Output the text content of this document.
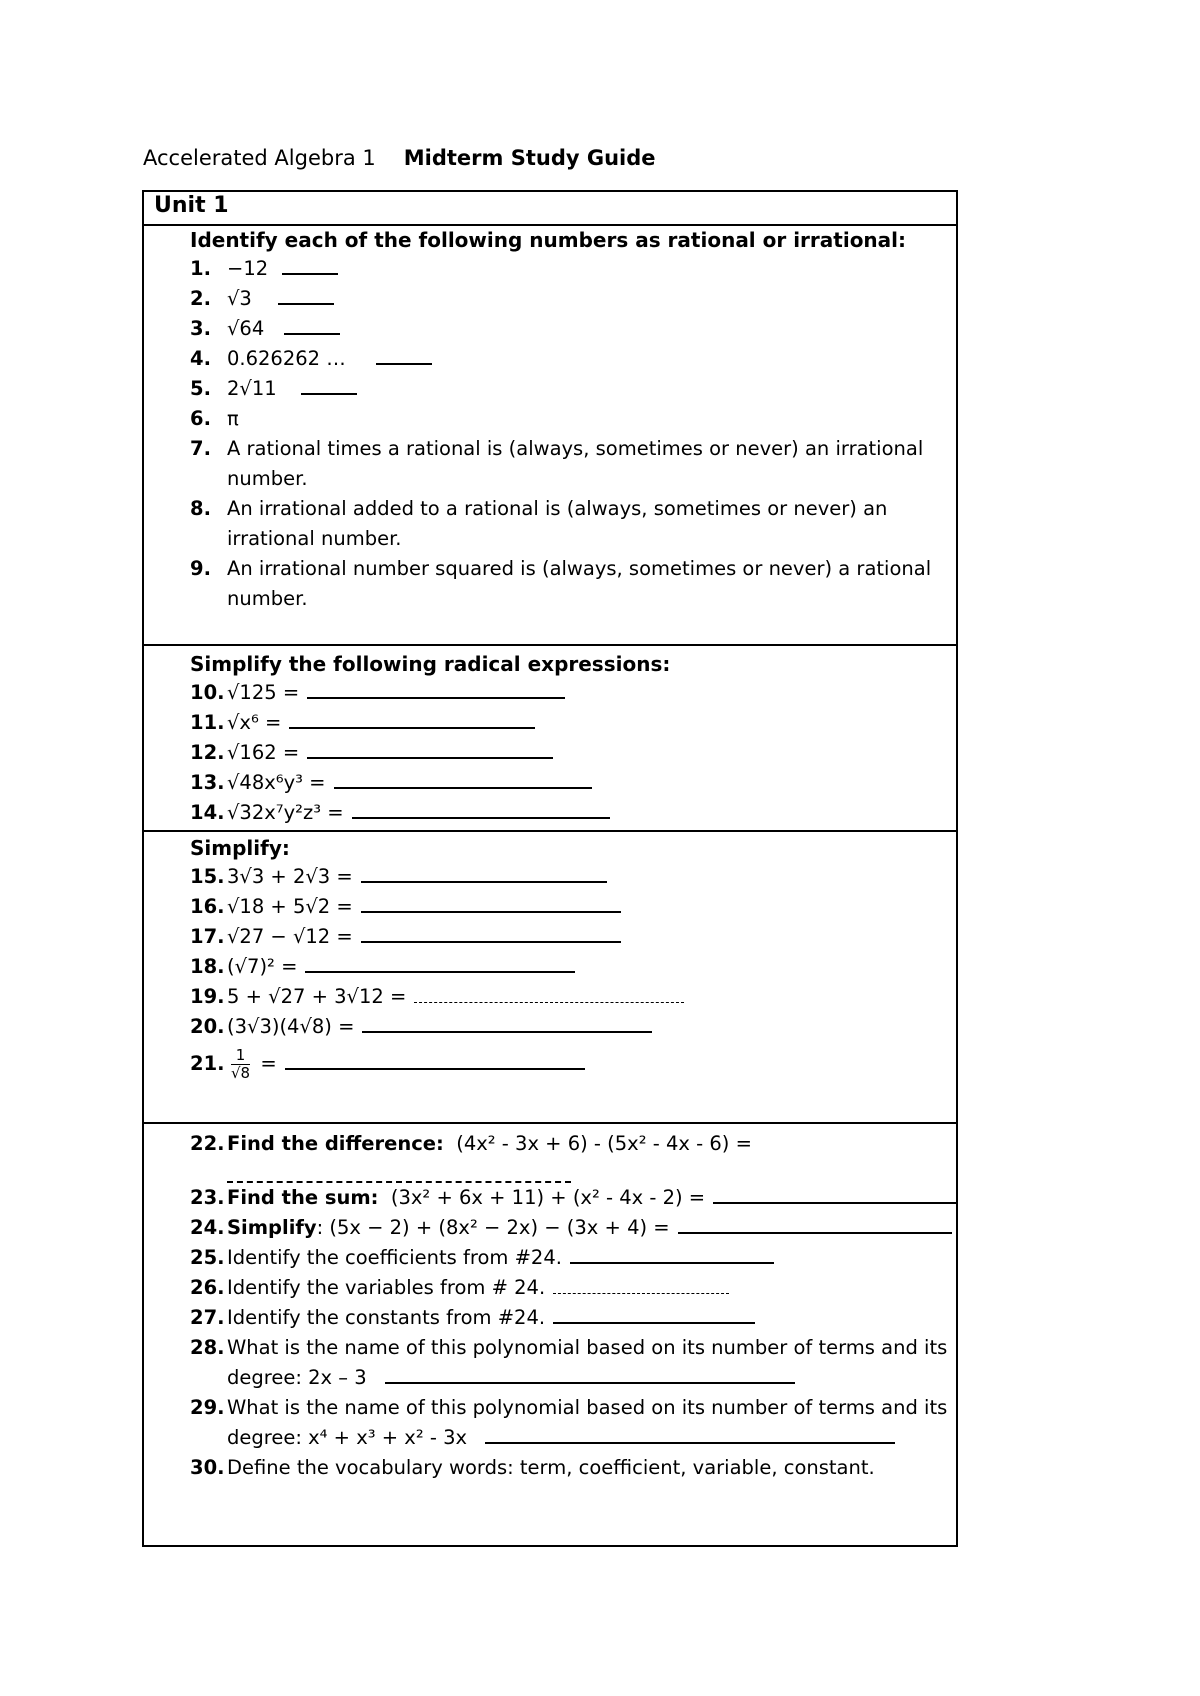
Accelerated Algebra 1 Midterm Study Guide
Unit 1
Identify each of the following numbers as rational or irrational:
1. −12
2. √3
3. √64
4. 0.626262 …
5. 2√11
6. π
7. A rational times a rational is (always, sometimes or never) an irrational number.
8. An irrational added to a rational is (always, sometimes or never) an irrational number.
9. An irrational number squared is (always, sometimes or never) a rational number.
Simplify the following radical expressions:
10. √125 =
11. √x⁶ =
12. √162 =
13. √48x⁶y³ =
14. √32x⁷y²z³ =
Simplify:
15. 3√3 + 2√3 =
16. √18 + 5√2 =
17. √27 − √12 =
18. (√7)² =
19. 5 + √27 + 3√12 =
20. (3√3)(4√8) =
21. $\frac{1}{√8}$ =
22. Find the difference: (4x² - 3x + 6) - (5x² - 4x - 6) =
23. Find the sum: (3x² + 6x + 11) + (x² - 4x - 2) =
24. Simplify: (5x − 2) + (8x² − 2x) − (3x + 4) =
25. Identify the coefficients from #24.
26. Identify the variables from # 24.
27. Identify the constants from #24.
28. What is the name of this polynomial based on its number of terms and its degree: 2x – 3
29. What is the name of this polynomial based on its number of terms and its degree: x⁴ + x³ + x² - 3x
30. Define the vocabulary words: term, coefficient, variable, constant.
